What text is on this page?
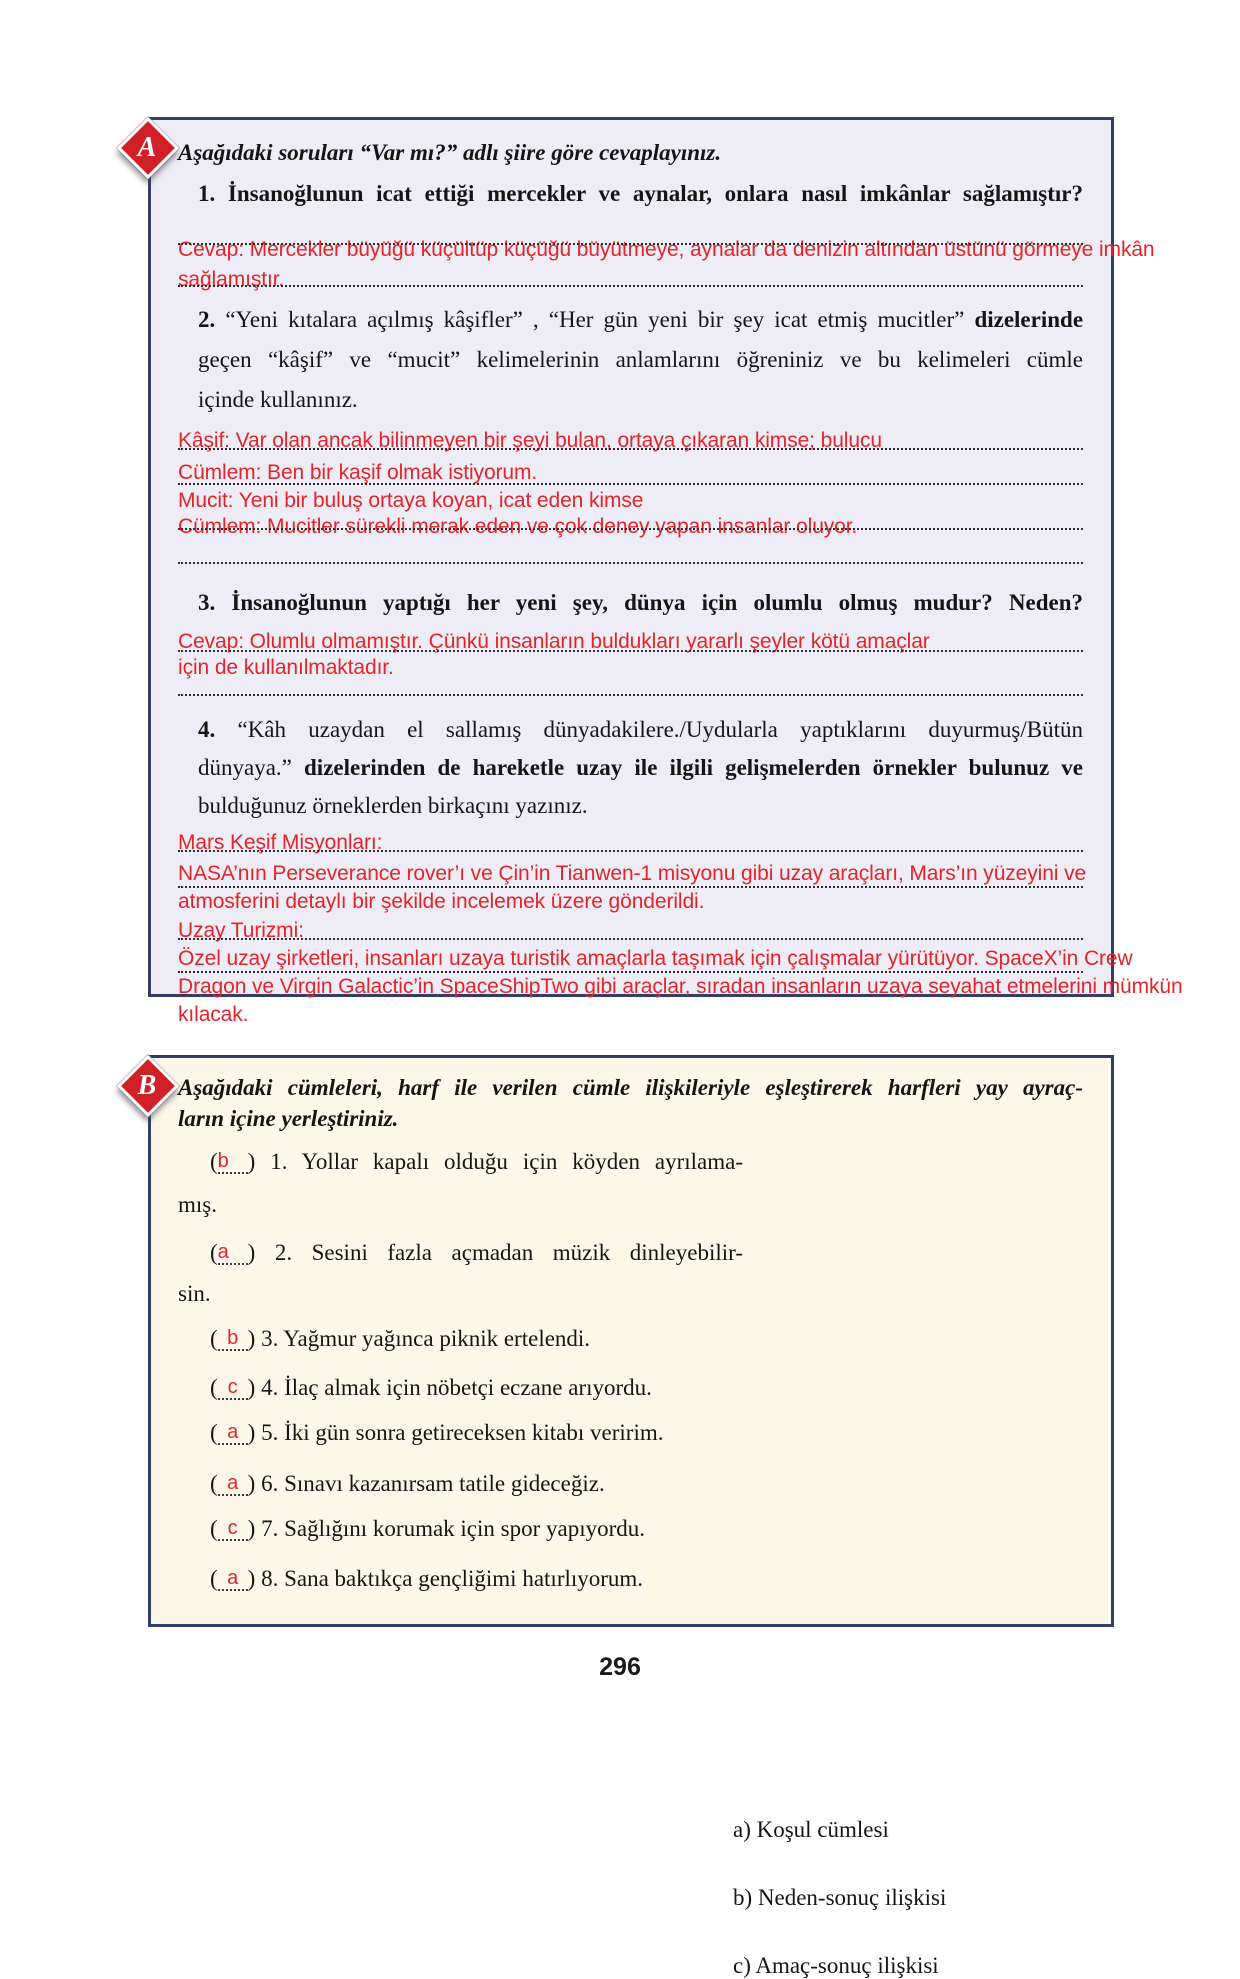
A Aşağıdaki soruları “Var mı?” adlı şiire göre cevaplayınız.
1. İnsanoğlunun icat ettiği mercekler ve aynalar, onlara nasıl imkânlar sağlamıştır?
Cevap: Mercekler büyüğü küçültüp küçüğü büyütmeye, aynalar da denizin altından üstünü görmeye imkân
sağlamıştır.
2. “Yeni kıtalara açılmış kâşifler” , “Her gün yeni bir şey icat etmiş mucitler” dizelerinde
geçen “kâşif” ve “mucit” kelimelerinin anlamlarını öğreniniz ve bu kelimeleri cümle
içinde kullanınız.
Kâşif: Var olan ancak bilinmeyen bir şeyi bulan, ortaya çıkaran kimse; bulucu
Cümlem: Ben bir kaşif olmak istiyorum.
Mucit: Yeni bir buluş ortaya koyan, icat eden kimse
Cümlem: Mucitler sürekli merak eden ve çok deney yapan insanlar oluyor.
3. İnsanoğlunun yaptığı her yeni şey, dünya için olumlu olmuş mudur? Neden?
Cevap: Olumlu olmamıştır. Çünkü insanların buldukları yararlı şeyler kötü amaçlar
için de kullanılmaktadır.
4. “Kâh uzaydan el sallamış dünyadakilere./Uydularla yaptıklarını duyurmuş/Bütün
dünyaya.” dizelerinden de hareketle uzay ile ilgili gelişmelerden örnekler bulunuz ve
bulduğunuz örneklerden birkaçını yazınız.
Mars Keşif Misyonları:
NASA’nın Perseverance rover’ı ve Çin’in Tianwen-1 misyonu gibi uzay araçları, Mars’ın yüzeyini ve
atmosferini detaylı bir şekilde incelemek üzere gönderildi.
Uzay Turizmi:
Özel uzay şirketleri, insanları uzaya turistik amaçlarla taşımak için çalışmalar yürütüyor. SpaceX’in Crew
Dragon ve Virgin Galactic’in SpaceShipTwo gibi araçlar, sıradan insanların uzaya seyahat etmelerini mümkün
kılacak.
B Aşağıdaki cümleleri, harf ile verilen cümle ilişkileriyle eşleştirerek harfleri yay ayraç-
ların içine yerleştiriniz.
(b ) 1. Yollar kapalı olduğu için köyden ayrılama-
mış.
(a ) 2. Sesini fazla açmadan müzik dinleyebilir-
sin.
( b ) 3. Yağmur yağınca piknik ertelendi.
( c ) 4. İlaç almak için nöbetçi eczane arıyordu.
( a ) 5. İki gün sonra getireceksen kitabı veririm.
( a ) 6. Sınavı kazanırsam tatile gideceğiz.
( c ) 7. Sağlığını korumak için spor yapıyordu.
( a ) 8. Sana baktıkça gençliğimi hatırlıyorum.
a) Koşul cümlesi
b) Neden-sonuç ilişkisi
c) Amaç-sonuç ilişkisi
296
